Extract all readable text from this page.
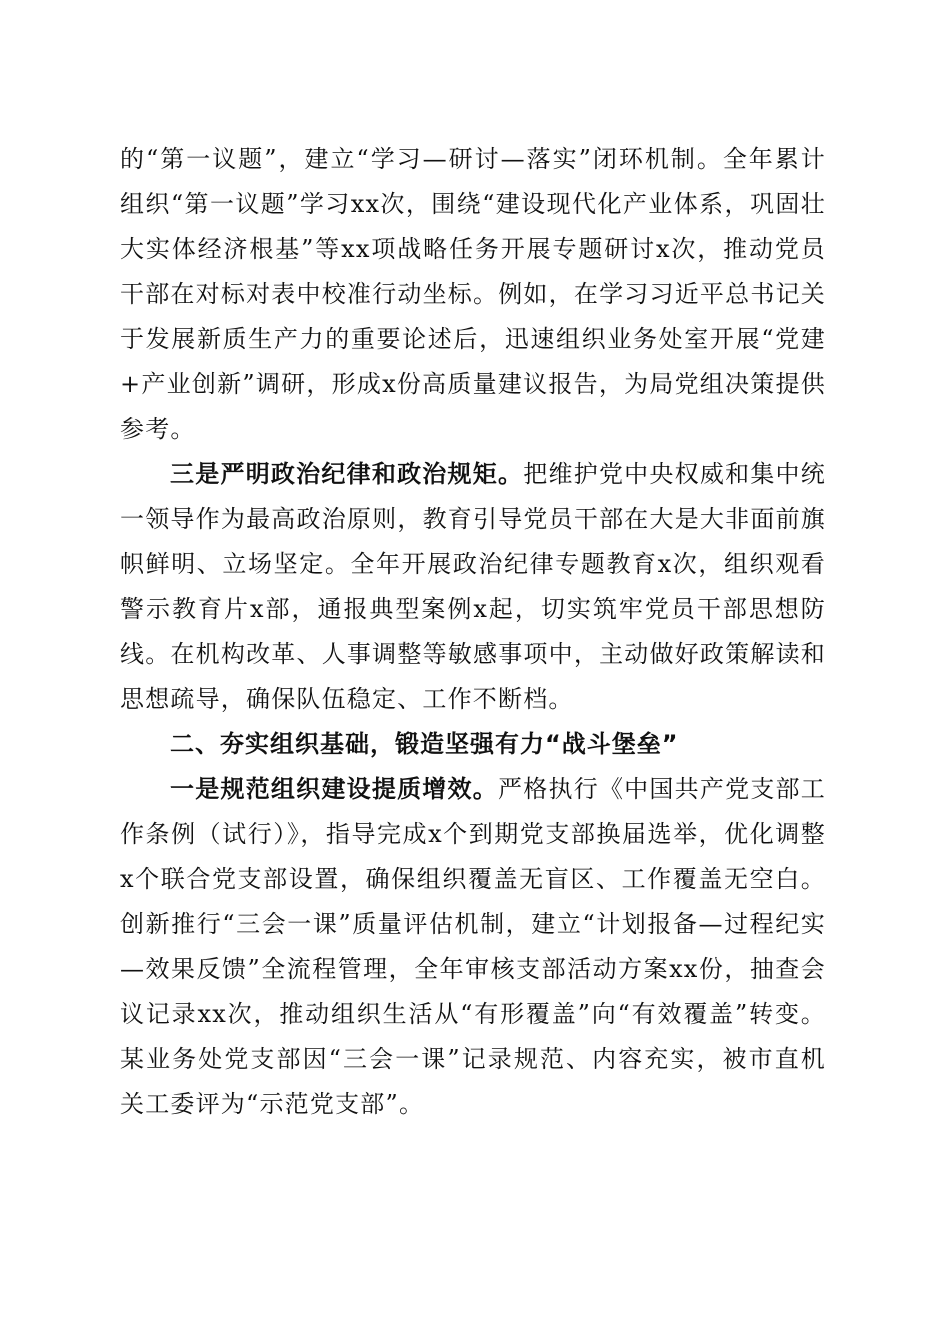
的“第一议题”，建立“学习—研讨—落实”闭环机制。全年累计组织“第一议题”学习xx次，围绕“建设现代化产业体系，巩固壮大实体经济根基”等xx项战略任务开展专题研讨x次，推动党员干部在对标对表中校准行动坐标。例如，在学习习近平总书记关于发展新质生产力的重要论述后，迅速组织业务处室开展“党建+产业创新”调研，形成x份高质量建议报告，为局党组决策提供参考。

三是严明政治纪律和政治规矩。把维护党中央权威和集中统一领导作为最高政治原则，教育引导党员干部在大是大非面前旗帜鲜明、立场坚定。全年开展政治纪律专题教育x次，组织观看警示教育片x部，通报典型案例x起，切实筑牢党员干部思想防线。在机构改革、人事调整等敏感事项中，主动做好政策解读和思想疏导，确保队伍稳定、工作不断档。

二、夯实组织基础，锻造坚强有力“战斗堡垒”

一是规范组织建设提质增效。严格执行《中国共产党支部工作条例（试行）》，指导完成x个到期党支部换届选举，优化调整x个联合党支部设置，确保组织覆盖无盲区、工作覆盖无空白。创新推行“三会一课”质量评估机制，建立“计划报备—过程纪实—效果反馈”全流程管理，全年审核支部活动方案xx份，抽查会议记录xx次，推动组织生活从“有形覆盖”向“有效覆盖”转变。某业务处党支部因“三会一课”记录规范、内容充实，被市直机关工委评为“示范党支部”。
